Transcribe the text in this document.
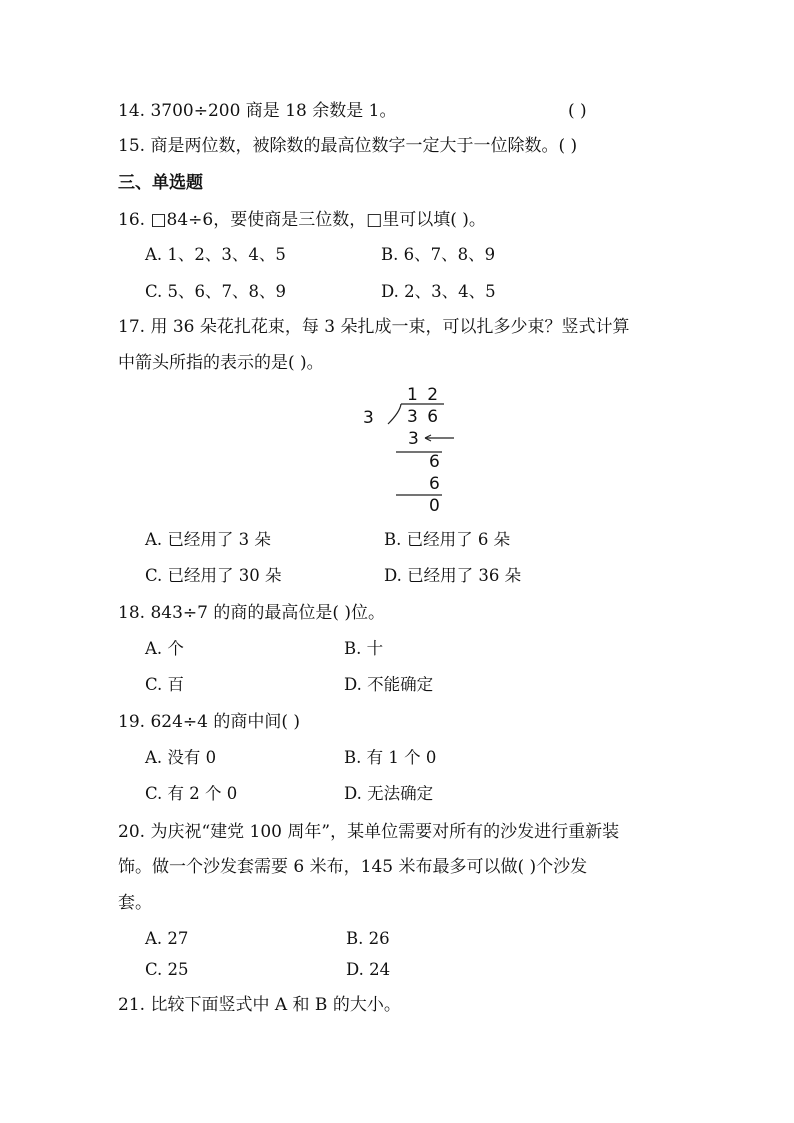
14. 3700÷200 商是 18 余数是 1。	( )
15. 商是两位数，被除数的最高位数字一定大于一位除数。( )
三、单选题
16. □84÷6，要使商是三位数，□里可以填( )。
A. 1、2、3、4、5	B. 6、7、8、9
C. 5、6、7、8、9	D. 2、3、4、5
17. 用 36 朵花扎花束，每 3 朵扎成一束，可以扎多少束？竖式计算
中箭头所指的表示的是( )。
1 2
3 3 6
3
6
6
0
A. 已经用了 3 朵	B. 已经用了 6 朵
C. 已经用了 30 朵	D. 已经用了 36 朵
18. 843÷7 的商的最高位是( )位。
A. 个	B. 十
C. 百	D. 不能确定
19. 624÷4 的商中间( )
A. 没有 0	B. 有 1 个 0
C. 有 2 个 0	D. 无法确定
20. 为庆祝“建党 100 周年”，某单位需要对所有的沙发进行重新装
饰。做一个沙发套需要 6 米布，145 米布最多可以做( )个沙发
套。
A. 27	B. 26
C. 25	D. 24
21. 比较下面竖式中 A 和 B 的大小。
